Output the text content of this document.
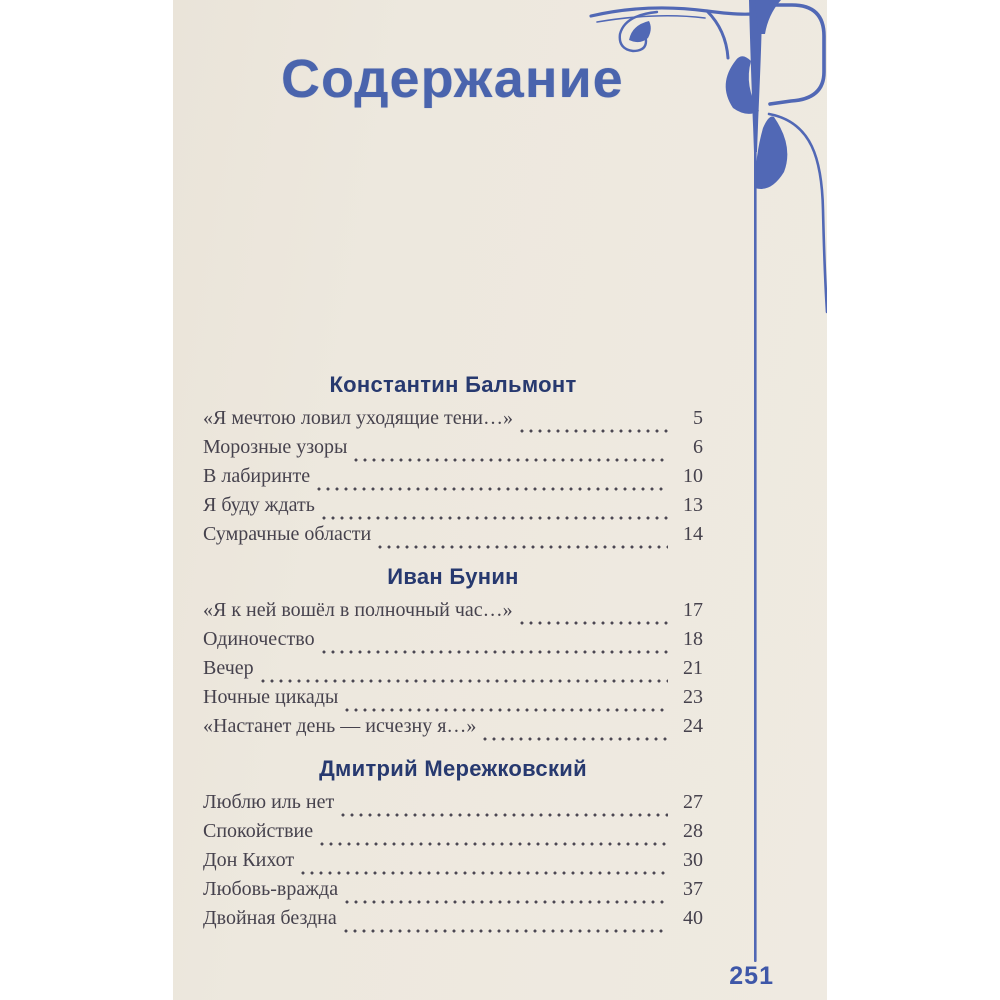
Содержание
Константин Бальмонт
«Я мечтою ловил уходящие тени…»	5
Морозные узоры	6
В лабиринте	10
Я буду ждать	13
Сумрачные области	14
Иван Бунин
«Я к ней вошёл в полночный час…»	17
Одиночество	18
Вечер	21
Ночные цикады	23
«Настанет день — исчезну я…»	24
Дмитрий Мережковский
Люблю иль нет	27
Спокойствие	28
Дон Кихот	30
Любовь-вражда	37
Двойная бездна	40
251
